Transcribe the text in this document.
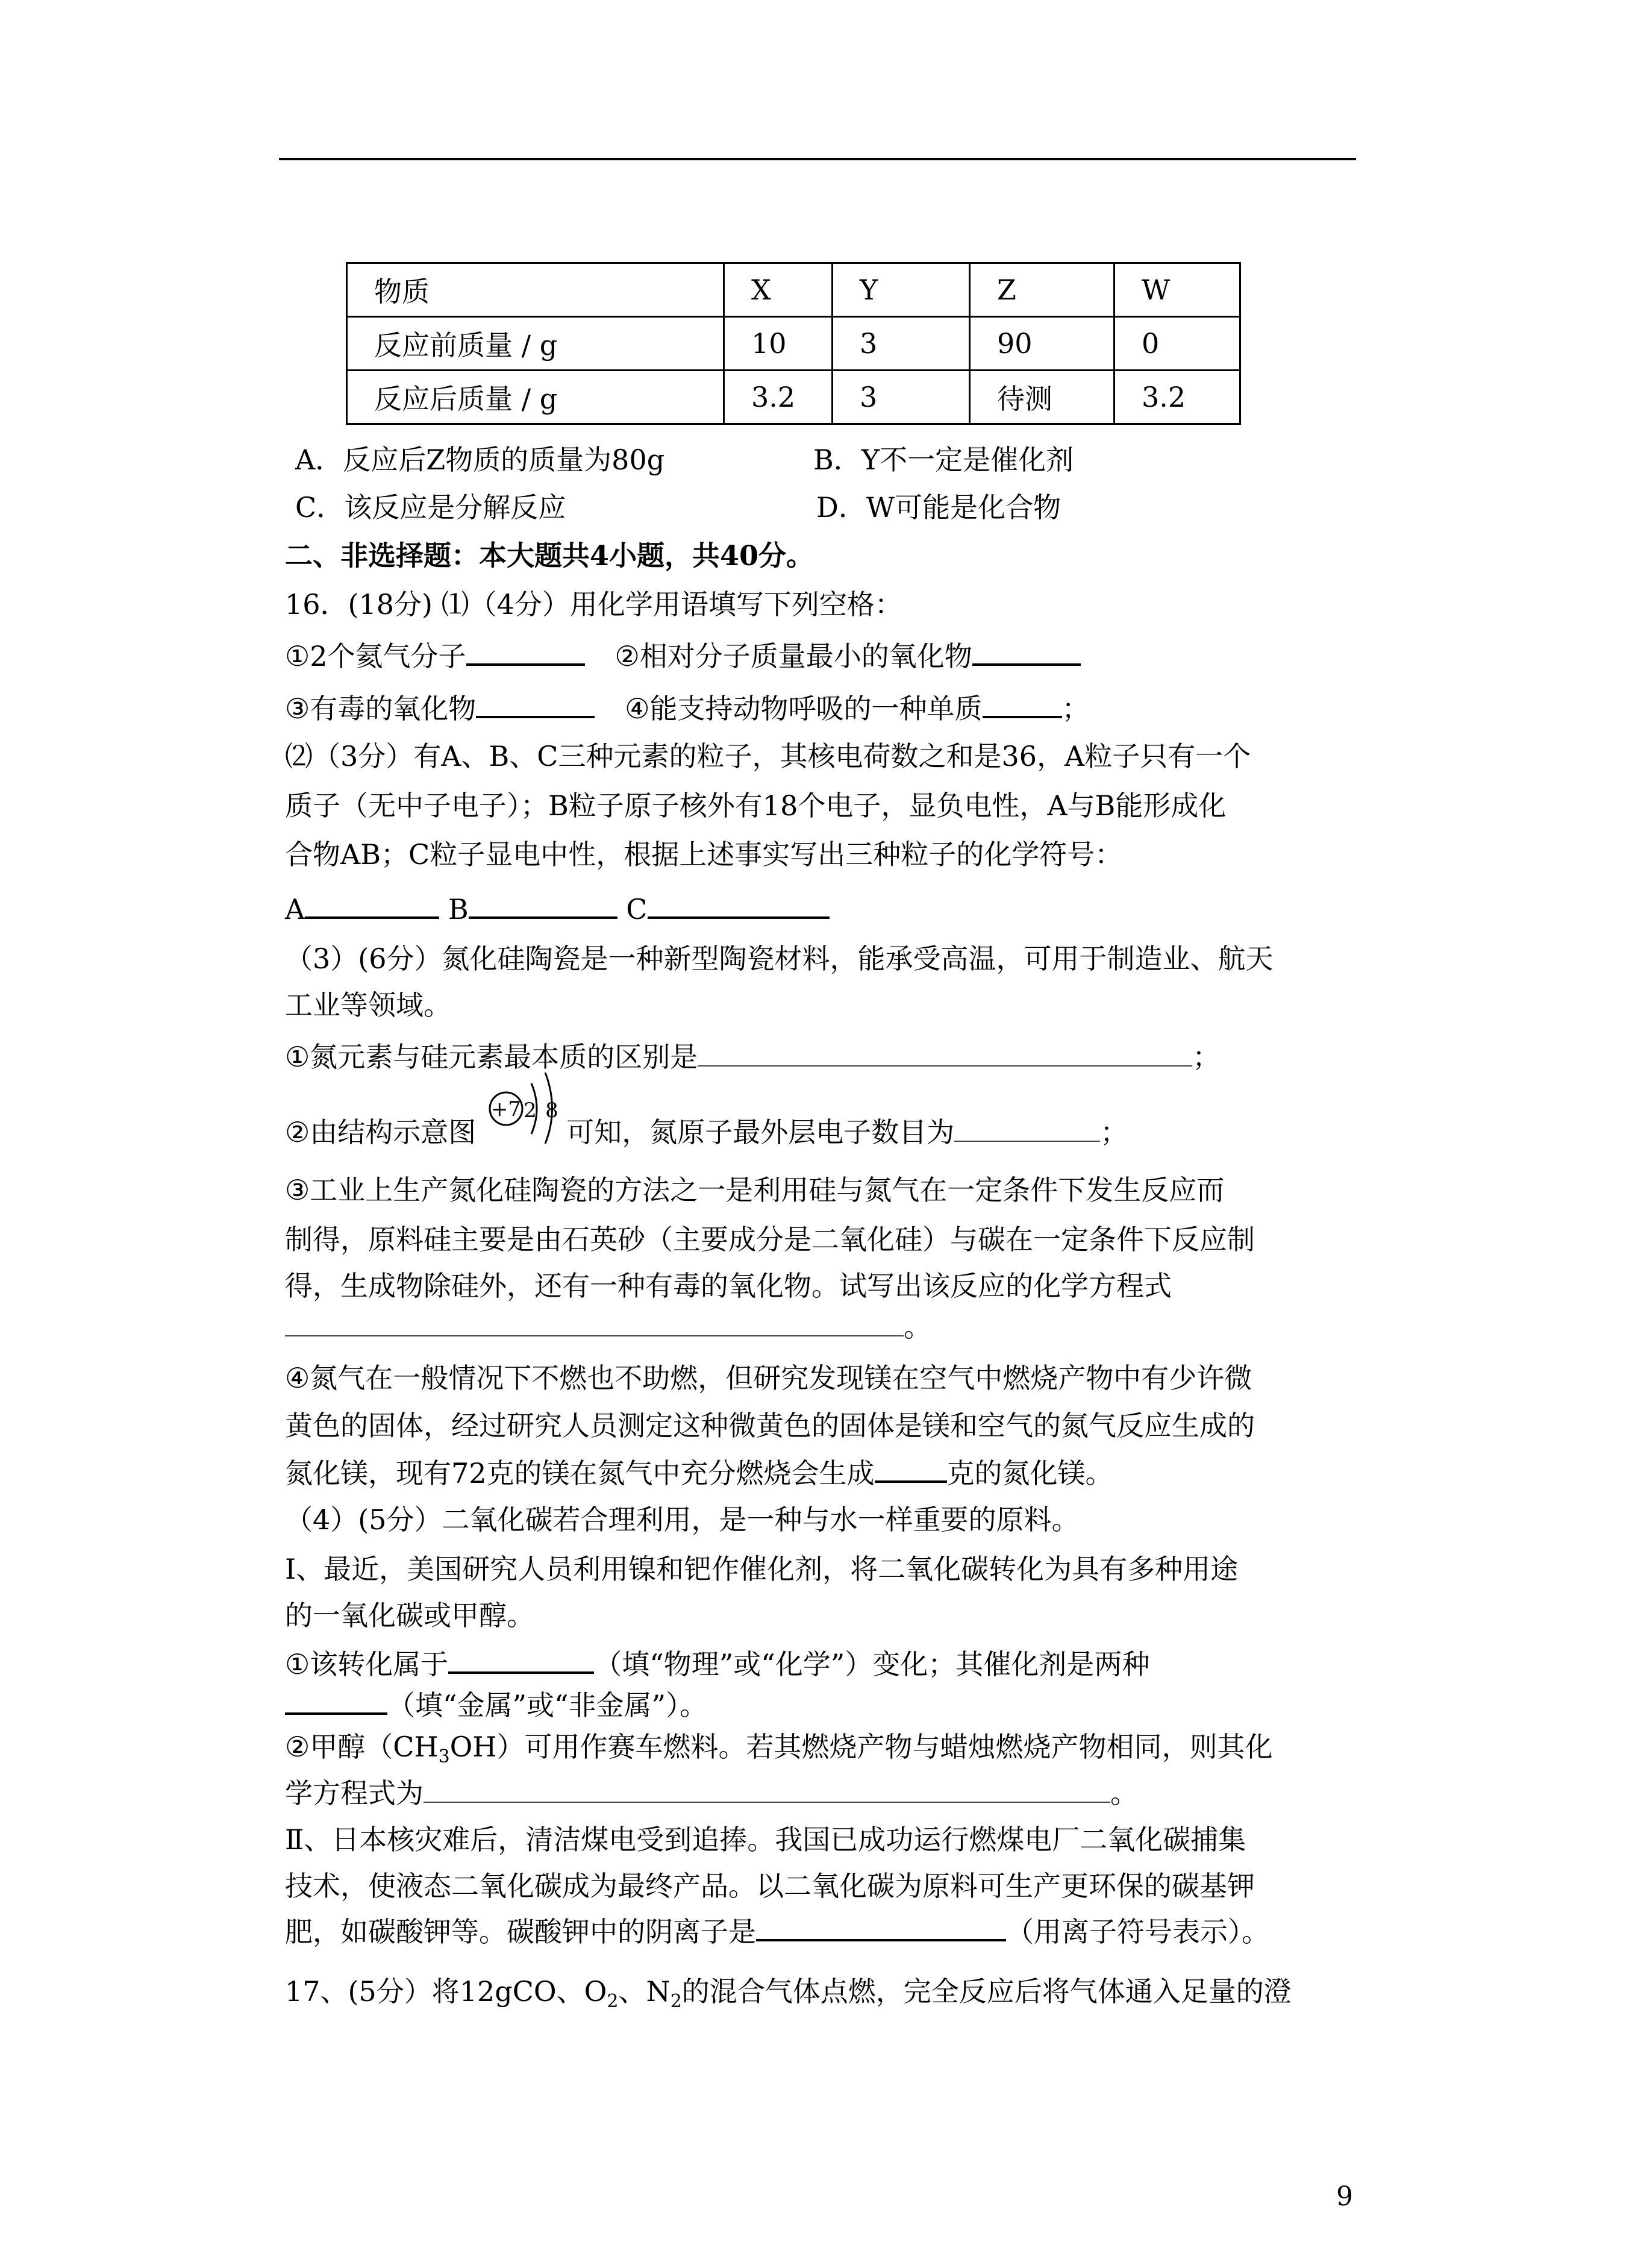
物质	X	Y	Z	W
反应前质量 / g	10	3	90	0
反应后质量 / g	3.2	3	待测	3.2
A．反应后Z物质的质量为80g	B．Y不一定是催化剂
C．该反应是分解反应	D．W可能是化合物
二、非选择题：本大题共4小题，共40分。
16．(18分) ⑴（4分）用化学用语填写下列空格：
①2个氦气分子	②相对分子质量最小的氧化物
③有毒的氧化物	④能支持动物呼吸的一种单质	；
⑵（3分）有A、B、C三种元素的粒子，其核电荷数之和是36，A粒子只有一个
质子（无中子电子）；B粒子原子核外有18个电子，显负电性，A与B能形成化
合物AB；C粒子显电中性，根据上述事实写出三种粒子的化学符号：
A	B	C
（3）(6分）氮化硅陶瓷是一种新型陶瓷材料，能承受高温，可用于制造业、航天
工业等领域。
①氮元素与硅元素最本质的区别是	；
②由结构示意图
+7 2 8
可知，氮原子最外层电子数目为	；
③工业上生产氮化硅陶瓷的方法之一是利用硅与氮气在一定条件下发生反应而
制得，原料硅主要是由石英砂（主要成分是二氧化硅）与碳在一定条件下反应制
得，生成物除硅外，还有一种有毒的氧化物。试写出该反应的化学方程式
。
④氮气在一般情况下不燃也不助燃，但研究发现镁在空气中燃烧产物中有少许微
黄色的固体，经过研究人员测定这种微黄色的固体是镁和空气的氮气反应生成的
氮化镁，现有72克的镁在氮气中充分燃烧会生成	克的氮化镁。
（4）(5分）二氧化碳若合理利用，是一种与水一样重要的原料。
Ⅰ、最近，美国研究人员利用镍和钯作催化剂，将二氧化碳转化为具有多种用途
的一氧化碳或甲醇。
①该转化属于	（填“物理”或“化学”）变化；其催化剂是两种
（填“金属”或“非金属”）。
②甲醇$(CH_3OH)$可用作赛车燃料。若其燃烧产物与蜡烛燃烧产物相同，则其化
学方程式为	。
Ⅱ、日本核灾难后，清洁煤电受到追捧。我国已成功运行燃煤电厂二氧化碳捕集
技术，使液态二氧化碳成为最终产品。以二氧化碳为原料可生产更环保的碳基钾
肥，如碳酸钾等。碳酸钾中的阴离子是	（用离子符号表示）。
17、(5分）将12gCO、$O_2$、$N_2$的混合气体点燃，完全反应后将气体通入足量的澄
9
